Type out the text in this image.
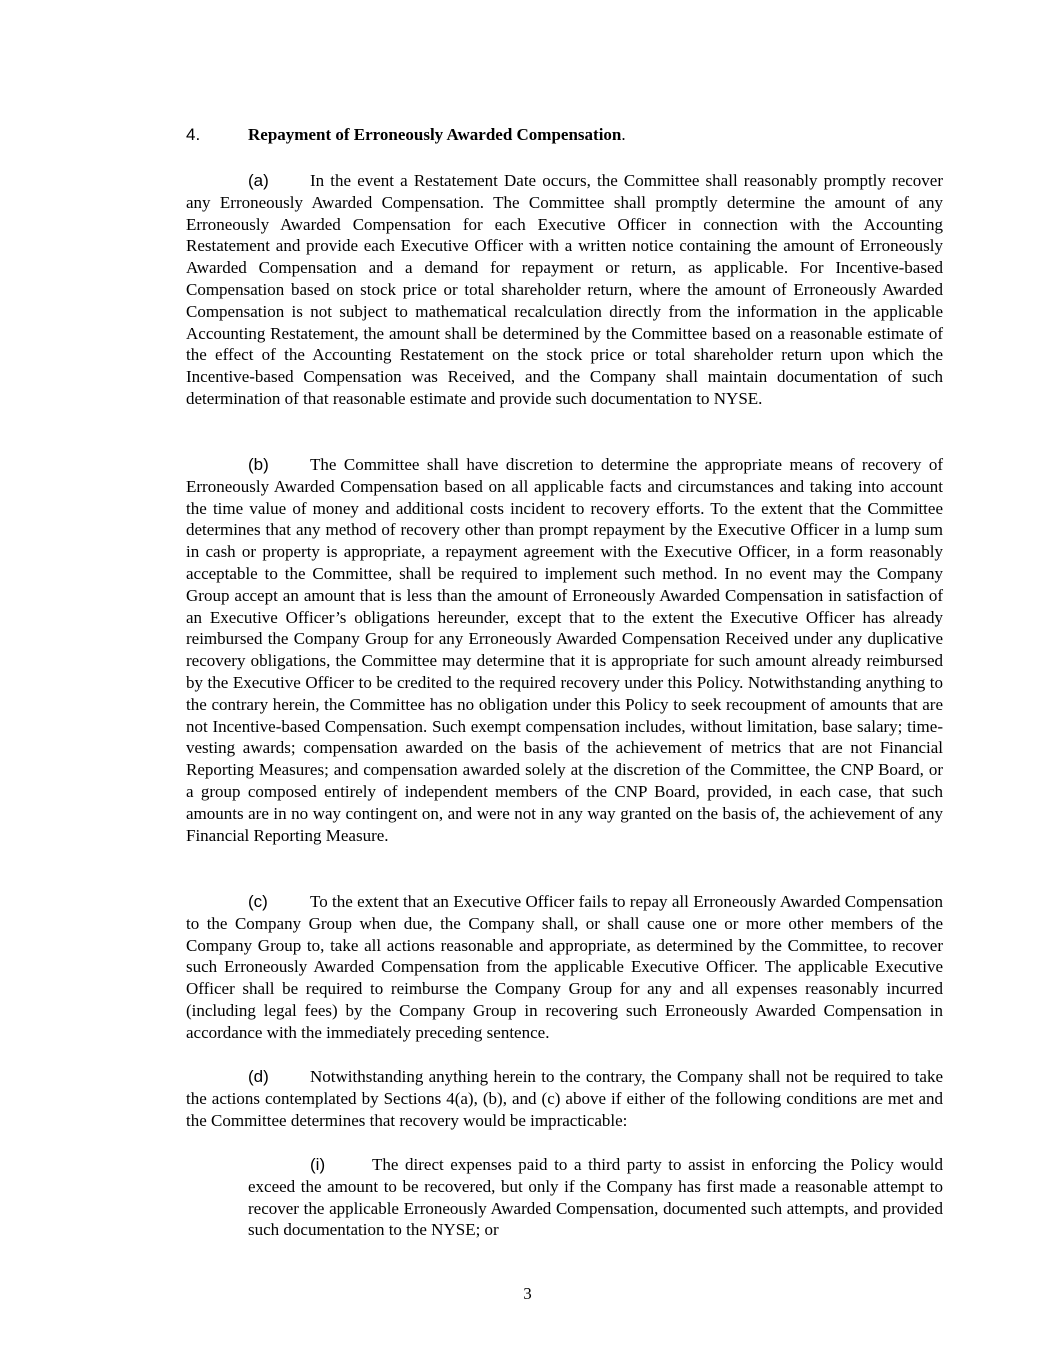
4.	Repayment of Erroneously Awarded Compensation.

(a) In the event a Restatement Date occurs, the Committee shall reasonably promptly recover any Erroneously Awarded Compensation. The Committee shall promptly determine the amount of any Erroneously Awarded Compensation for each Executive Officer in connection with the Accounting Restatement and provide each Executive Officer with a written notice containing the amount of Erroneously Awarded Compensation and a demand for repayment or return, as applicable. For Incentive-based Compensation based on stock price or total shareholder return, where the amount of Erroneously Awarded Compensation is not subject to mathematical recalculation directly from the information in the applicable Accounting Restatement, the amount shall be determined by the Committee based on a reasonable estimate of the effect of the Accounting Restatement on the stock price or total shareholder return upon which the Incentive-based Compensation was Received, and the Company shall maintain documentation of such determination of that reasonable estimate and provide such documentation to NYSE.

(b) The Committee shall have discretion to determine the appropriate means of recovery of Erroneously Awarded Compensation based on all applicable facts and circumstances and taking into account the time value of money and additional costs incident to recovery efforts. To the extent that the Committee determines that any method of recovery other than prompt repayment by the Executive Officer in a lump sum in cash or property is appropriate, a repayment agreement with the Executive Officer, in a form reasonably acceptable to the Committee, shall be required to implement such method. In no event may the Company Group accept an amount that is less than the amount of Erroneously Awarded Compensation in satisfaction of an Executive Officer’s obligations hereunder, except that to the extent the Executive Officer has already reimbursed the Company Group for any Erroneously Awarded Compensation Received under any duplicative recovery obligations, the Committee may determine that it is appropriate for such amount already reimbursed by the Executive Officer to be credited to the required recovery under this Policy. Notwithstanding anything to the contrary herein, the Committee has no obligation under this Policy to seek recoupment of amounts that are not Incentive-based Compensation. Such exempt compensation includes, without limitation, base salary; time-vesting awards; compensation awarded on the basis of the achievement of metrics that are not Financial Reporting Measures; and compensation awarded solely at the discretion of the Committee, the CNP Board, or a group composed entirely of independent members of the CNP Board, provided, in each case, that such amounts are in no way contingent on, and were not in any way granted on the basis of, the achievement of any Financial Reporting Measure.

(c) To the extent that an Executive Officer fails to repay all Erroneously Awarded Compensation to the Company Group when due, the Company shall, or shall cause one or more other members of the Company Group to, take all actions reasonable and appropriate, as determined by the Committee, to recover such Erroneously Awarded Compensation from the applicable Executive Officer. The applicable Executive Officer shall be required to reimburse the Company Group for any and all expenses reasonably incurred (including legal fees) by the Company Group in recovering such Erroneously Awarded Compensation in accordance with the immediately preceding sentence.

(d) Notwithstanding anything herein to the contrary, the Company shall not be required to take the actions contemplated by Sections 4(a), (b), and (c) above if either of the following conditions are met and the Committee determines that recovery would be impracticable:

(i)	The direct expenses paid to a third party to assist in enforcing the Policy would exceed the amount to be recovered, but only if the Company has first made a reasonable attempt to recover the applicable Erroneously Awarded Compensation, documented such attempts, and provided such documentation to the NYSE; or

3
